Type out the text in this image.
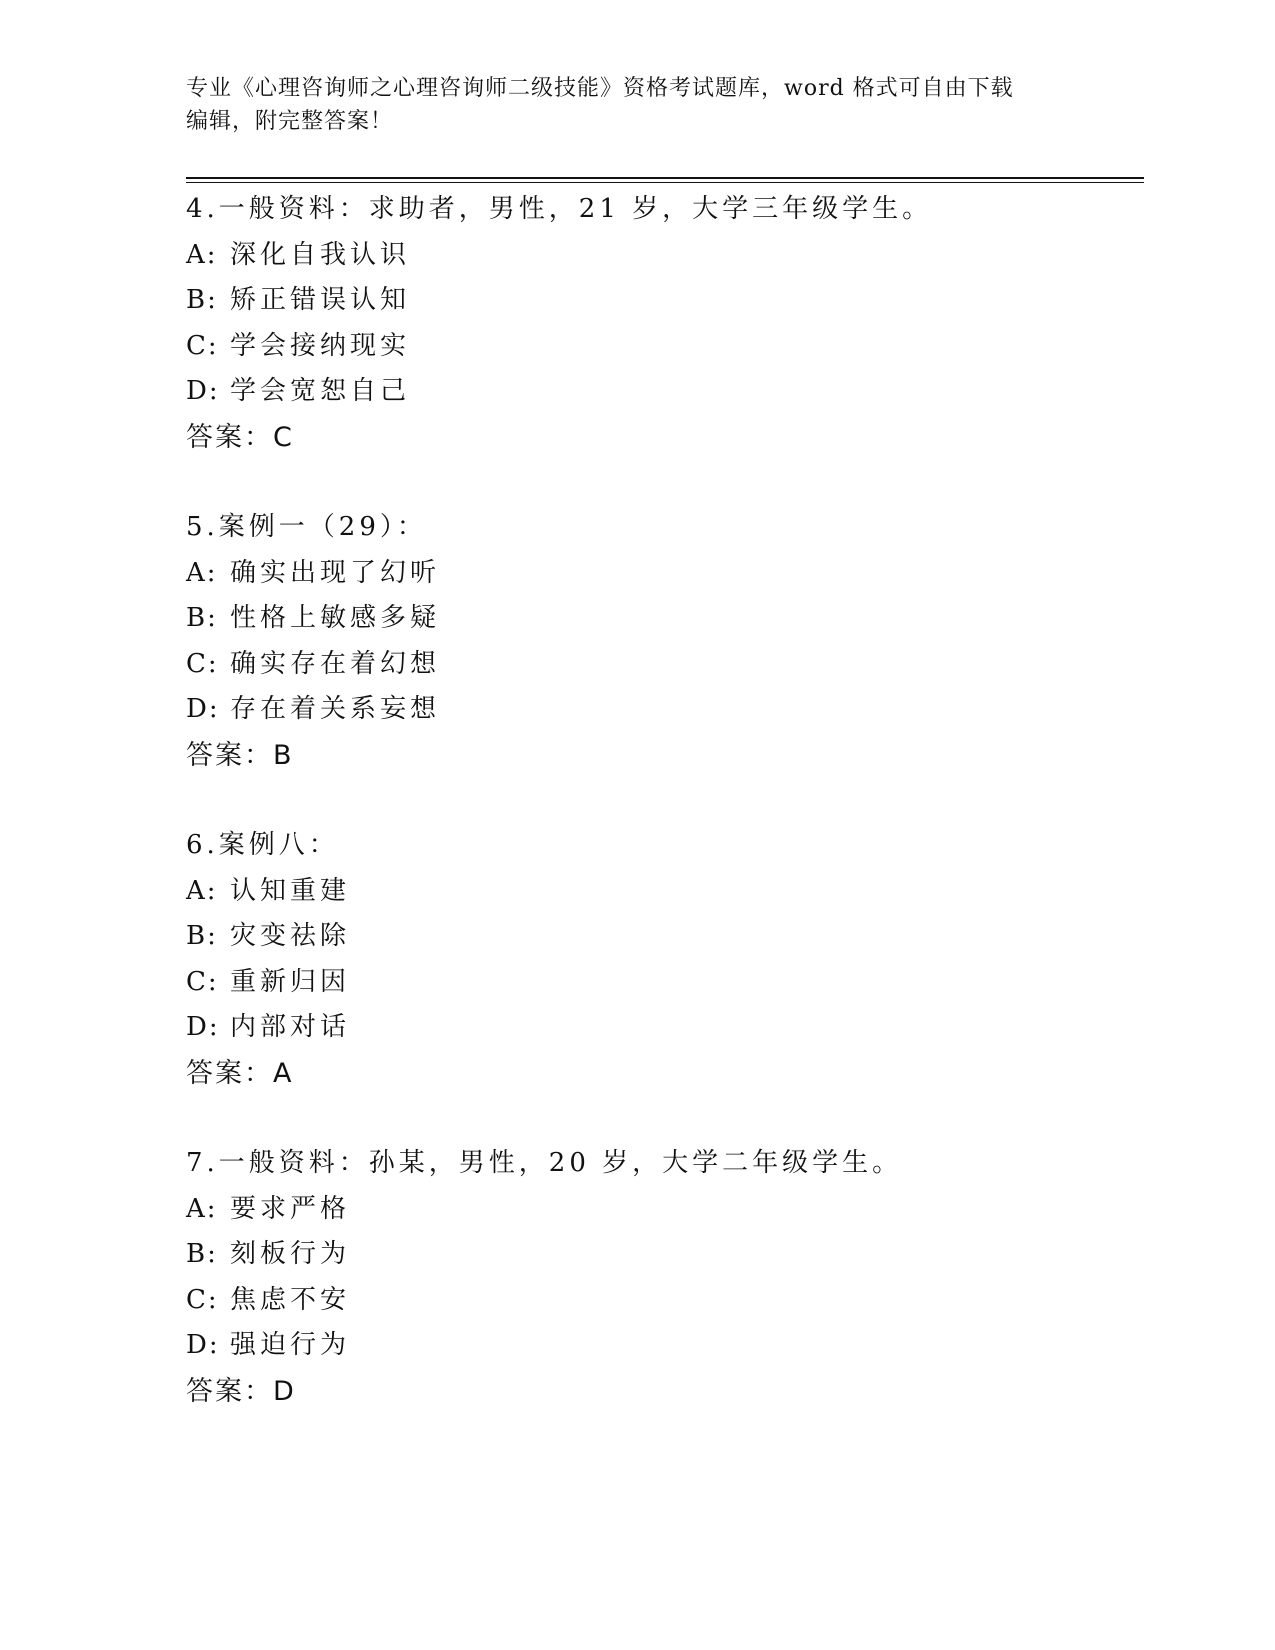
专业《心理咨询师之心理咨询师二级技能》资格考试题库，word 格式可自由下载
编辑，附完整答案！
4.一般资料：求助者，男性，21 岁，大学三年级学生。
A: 深化自我认识
B: 矫正错误认知
C: 学会接纳现实
D: 学会宽恕自己
答案：C
5.案例一（29）：
A: 确实出现了幻听
B: 性格上敏感多疑
C: 确实存在着幻想
D: 存在着关系妄想
答案：B
6.案例八：
A: 认知重建
B: 灾变祛除
C: 重新归因
D: 内部对话
答案：A
7.一般资料：孙某，男性，20 岁，大学二年级学生。
A: 要求严格
B: 刻板行为
C: 焦虑不安
D: 强迫行为
答案：D
